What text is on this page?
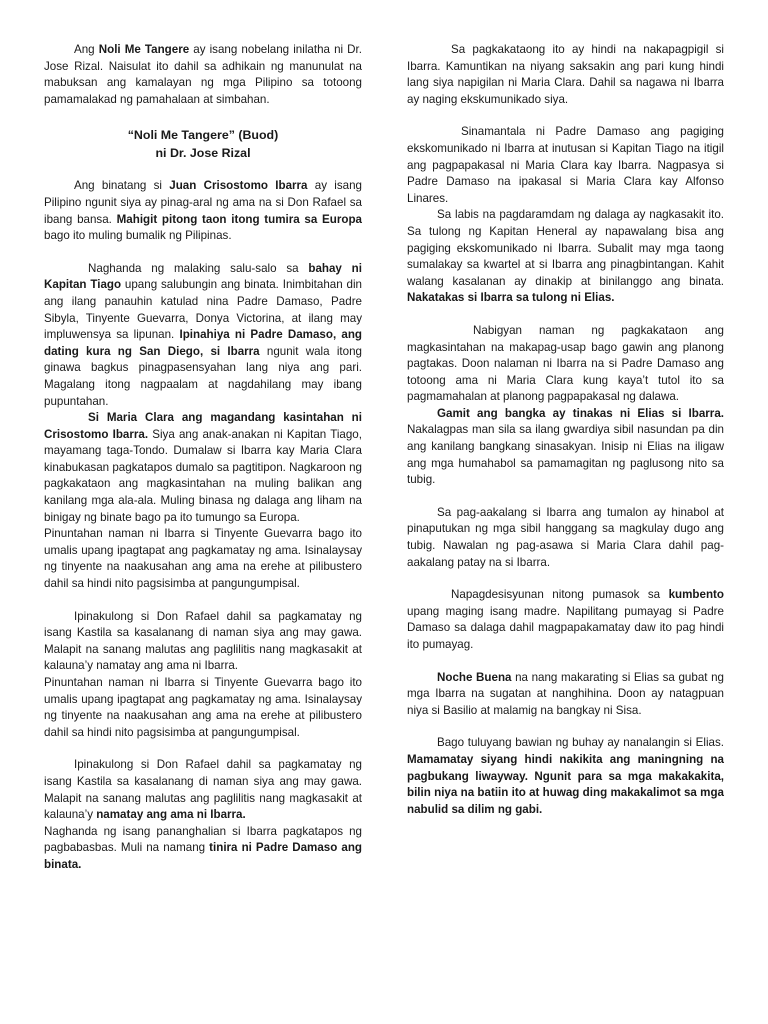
Ang Noli Me Tangere ay isang nobelang inilatha ni Dr. Jose Rizal. Naisulat ito dahil sa adhikain ng manunulat na mabuksan ang kamalayan ng mga Pilipino sa totoong pamamalakad ng pamahalaan at simbahan.

“Noli Me Tangere” (Buod)
ni Dr. Jose Rizal

Ang binatang si Juan Crisostomo Ibarra ay isang Pilipino ngunit siya ay pinag-aral ng ama na si Don Rafael sa ibang bansa. Mahigit pitong taon itong tumira sa Europa bago ito muling bumalik ng Pilipinas.

Naghanda ng malaking salu-salo sa bahay ni Kapitan Tiago upang salubungin ang binata. Inimbitahan din ang ilang panauhin katulad nina Padre Damaso, Padre Sibyla, Tinyente Guevarra, Donya Victorina, at ilang may impluwensya sa lipunan. Ipinahiya ni Padre Damaso, ang dating kura ng San Diego, si Ibarra ngunit wala itong ginawa bagkus pinagpasensyahan lang niya ang pari. Magalang itong nagpaalam at nagdahilang may ibang pupuntahan.

Si Maria Clara ang magandang kasintahan ni Crisostomo Ibarra. Siya ang anak-anakan ni Kapitan Tiago, mayamang taga-Tondo. Dumalaw si Ibarra kay Maria Clara kinabukasan pagkatapos dumalo sa pagtitipon. Nagkaroon ng pagkakataon ang magkasintahan na muling balikan ang kanilang mga ala-ala. Muling binasa ng dalaga ang liham na binigay ng binate bago pa ito tumungo sa Europa.

Pinuntahan naman ni Ibarra si Tinyente Guevarra bago ito umalis upang ipagtapat ang pagkamatay ng ama. Isinalaysay ng tinyente na naakusahan ang ama na erehe at pilibustero dahil sa hindi nito pagsisimba at pangungumpisal.

Ipinakulong si Don Rafael dahil sa pagkamatay ng isang Kastila sa kasalanang di naman siya ang may gawa. Malapit na sanang malutas ang paglilitis nang magkasakit at kalauna’y namatay ang ama ni Ibarra.

Pinuntahan naman ni Ibarra si Tinyente Guevarra bago ito umalis upang ipagtapat ang pagkamatay ng ama. Isinalaysay ng tinyente na naakusahan ang ama na erehe at pilibustero dahil sa hindi nito pagsisimba at pangungumpisal.

Ipinakulong si Don Rafael dahil sa pagkamatay ng isang Kastila sa kasalanang di naman siya ang may gawa. Malapit na sanang malutas ang paglilitis nang magkasakit at kalauna’y namatay ang ama ni Ibarra.

Naghanda ng isang pananghalian si Ibarra pagkatapos ng pagbabasbas. Muli na namang tinira ni Padre Damaso ang binata.

Sa pagkakataong ito ay hindi na nakapagpigil si Ibarra. Kamuntikan na niyang saksakin ang pari kung hindi lang siya napigilan ni Maria Clara. Dahil sa nagawa ni Ibarra ay naging ekskumunikado siya.

Sinamantala ni Padre Damaso ang pagiging ekskomunikado ni Ibarra at inutusan si Kapitan Tiago na itigil ang pagpapakasal ni Maria Clara kay Ibarra. Nagpasya si Padre Damaso na ipakasal si Maria Clara kay Alfonso Linares.

Sa labis na pagdaramdam ng dalaga ay nagkasakit ito. Sa tulong ng Kapitan Heneral ay napawalang bisa ang pagiging ekskomunikado ni Ibarra. Subalit may mga taong sumalakay sa kwartel at si Ibarra ang pinagbintangan. Kahit walang kasalanan ay dinakip at binilanggo ang binata. Nakatakas si Ibarra sa tulong ni Elias.

Nabigyan naman ng pagkakataon ang magkasintahan na makapag-usap bago gawin ang planong pagtakas. Doon nalaman ni Ibarra na si Padre Damaso ang totoong ama ni Maria Clara kung kaya’t tutol ito sa pagmamahalan at planong pagpapakasal ng dalawa.

Gamit ang bangka ay tinakas ni Elias si Ibarra. Nakalagpas man sila sa ilang gwardiya sibil nasundan pa din ang kanilang bangkang sinasakyan. Inisip ni Elias na iligaw ang mga humahabol sa pamamagitan ng paglusong nito sa tubig.

Sa pag-aakalang si Ibarra ang tumalon ay hinabol at pinaputukan ng mga sibil hanggang sa magkulay dugo ang tubig. Nawalan ng pag-asawa si Maria Clara dahil pag-aakalang patay na si Ibarra.

Napagdesisyunan nitong pumasok sa kumbento upang maging isang madre. Napilitang pumayag si Padre Damaso sa dalaga dahil magpapakamatay daw ito pag hindi ito pumayag.

Noche Buena na nang makarating si Elias sa gubat ng mga Ibarra na sugatan at nanghihina. Doon ay natagpuan niya si Basilio at malamig na bangkay ni Sisa.

Bago tuluyang bawian ng buhay ay nanalangin si Elias. Mamamatay siyang hindi nakikita ang maningning na pagbukang liwayway. Ngunit para sa mga makakakita, bilin niya na batiin ito at huwag ding makakalimot sa mga nabulid sa dilim ng gabi.
